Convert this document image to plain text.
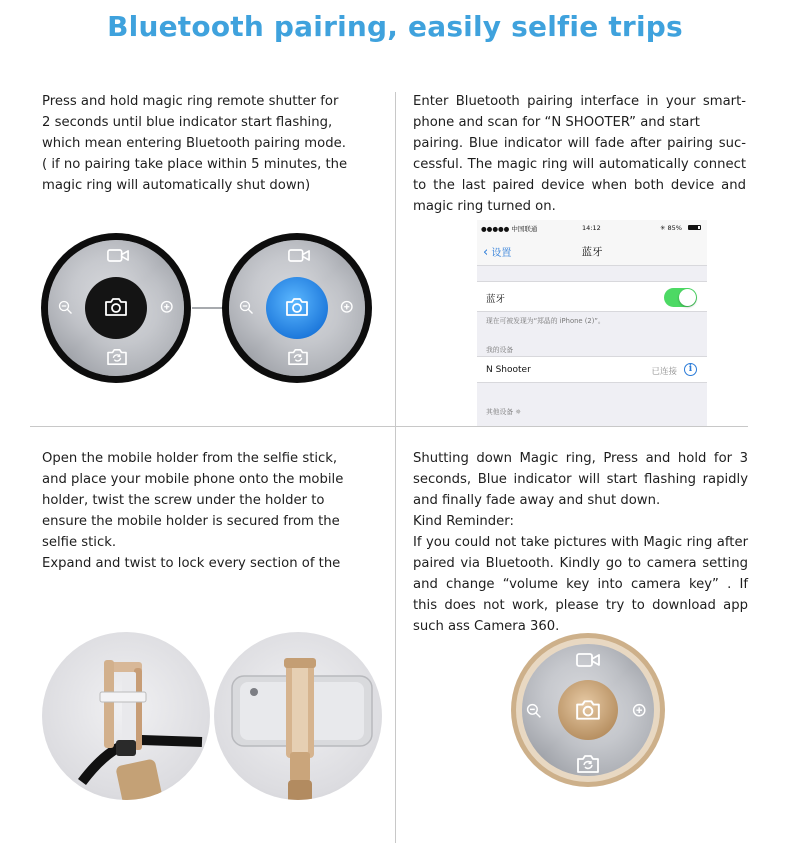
Bluetooth pairing, easily selfie trips
Press and hold magic ring remote shutter for
2 seconds until blue indicator start flashing,
which mean entering Bluetooth pairing mode.
( if no pairing take place within 5 minutes, the
magic ring will automatically shut down)
Enter Bluetooth pairing interface in your smart-
phone and scan for “N SHOOTER” and start
pairing. Blue indicator will fade after pairing suc-
cessful. The magic ring will automatically connect
to the last paired device when both device and
magic ring turned on.
●●●●● 中国联通	14:12	✳ 85%
‹ 设置	蓝牙
蓝牙
现在可被发现为“郑晶的 iPhone (2)”。
我的设备
N Shooter	已连接	i
其他设备 ✵
Open the mobile holder from the selfie stick,
and place your mobile phone onto the mobile
holder, twist the screw under the holder to
ensure the mobile holder is secured from the
selfie stick.
Expand and twist to lock every section of the
Shutting down Magic ring, Press and hold for 3
seconds, Blue indicator will start flashing rapidly
and finally fade away and shut down.
Kind Reminder:
If you could not take pictures with Magic ring after
paired via Bluetooth. Kindly go to camera setting
and change “volume key into camera key” . If
this does not work, please try to download app
such ass Camera 360.
